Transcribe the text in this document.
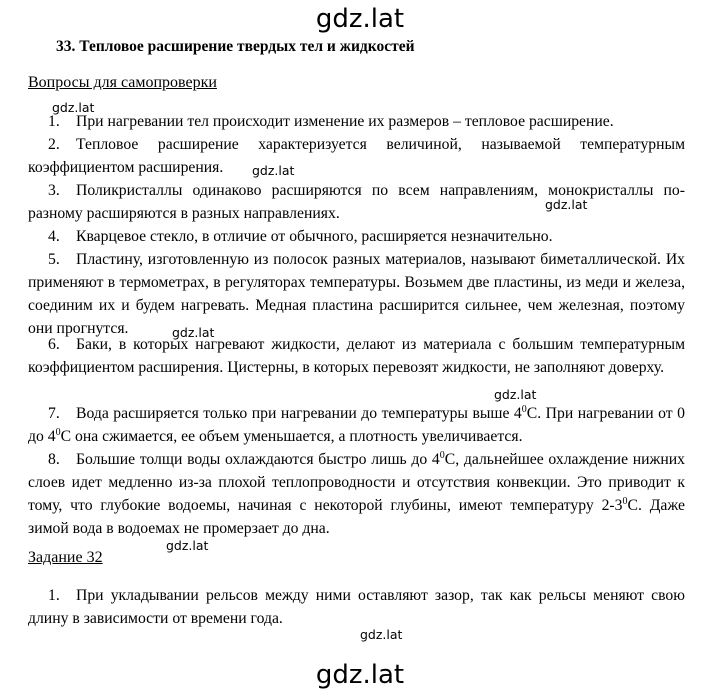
gdz.lat
33. Тепловое расширение твердых тел и жидкостей
Вопросы для самопроверки
gdz.lat
1. При нагревании тел происходит изменение их размеров – тепловое расширение.
2. Тепловое расширение характеризуется величиной, называемой температурным коэффициентом расширения.	gdz.lat
3. Поликристаллы одинаково расширяются по всем направлениям, монокристаллы по-разному расширяются в разных направлениях.
gdz.lat
4. Кварцевое стекло, в отличие от обычного, расширяется незначительно.
5. Пластину, изготовленную из полосок разных материалов, называют биметаллической. Их применяют в термометрах, в регуляторах температуры. Возьмем две пластины, из меди и железа, соединим их и будем нагревать. Медная пластина расширится сильнее, чем железная, поэтому они прогнутся.	gdz.lat
6. Баки, в которых нагревают жидкости, делают из материала с большим температурным коэффициентом расширения. Цистерны, в которых перевозят жидкости, не заполняют доверху.
gdz.lat
7. Вода расширяется только при нагревании до температуры выше $4^0С$. При нагревании от 0 до $4^0С$ она сжимается, ее объем уменьшается, а плотность увеличивается.
8. Большие толщи воды охлаждаются быстро лишь до $4^0С$, дальнейшее охлаждение нижних слоев идет медленно из-за плохой теплопроводности и отсутствия конвекции. Это приводит к тому, что глубокие водоемы, начиная с некоторой глубины, имеют температуру $2-3^0С$. Даже зимой вода в водоемах не промерзает до дна.
gdz.lat
Задание 32
1. При укладывании рельсов между ними оставляют зазор, так как рельсы меняют свою длину в зависимости от времени года.
gdz.lat
gdz.lat
